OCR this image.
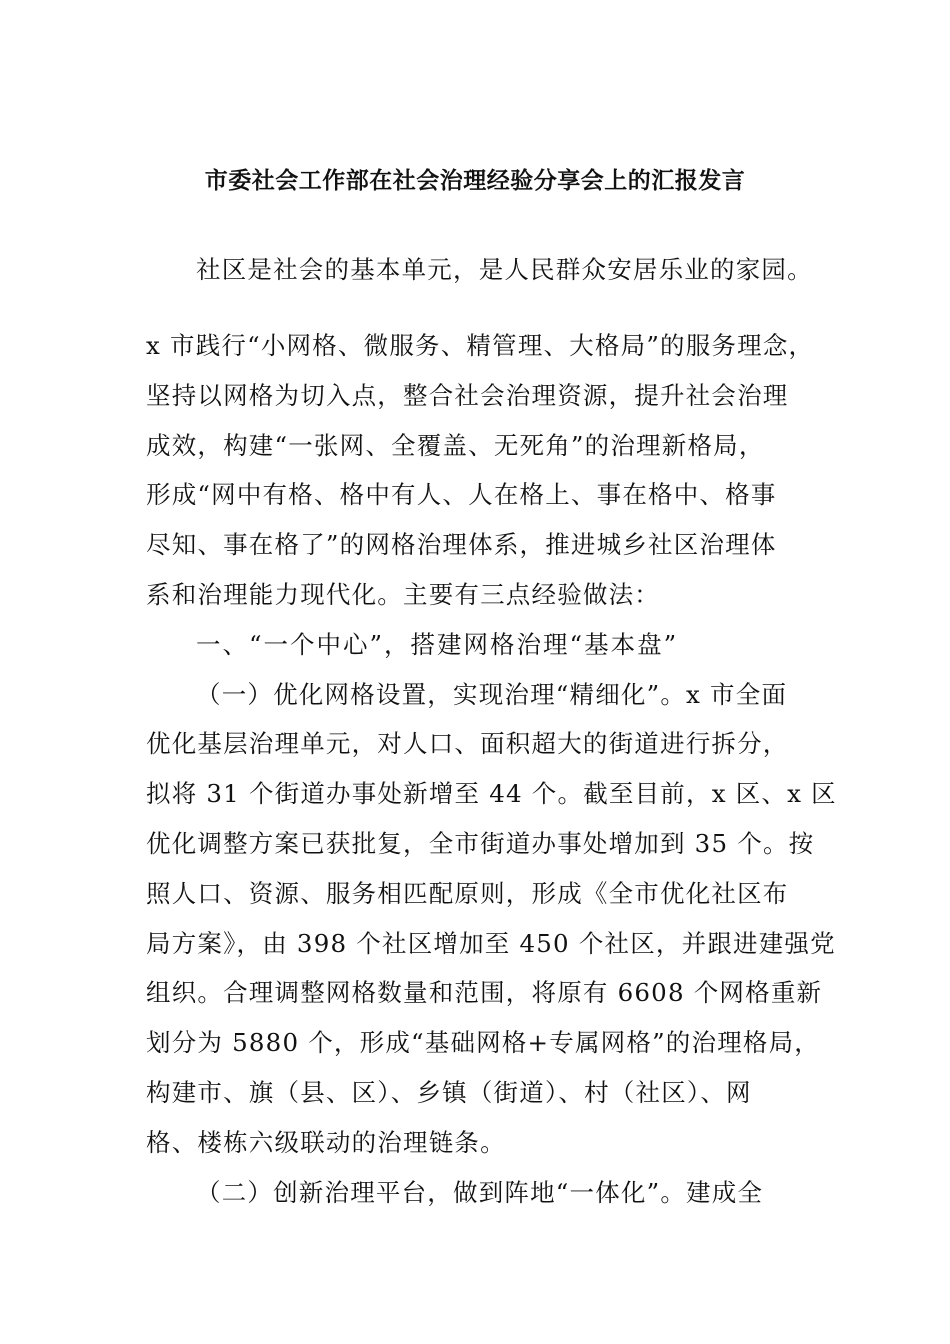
市委社会工作部在社会治理经验分享会上的汇报发言
社区是社会的基本单元，是人民群众安居乐业的家园。
x 市践行“小网格、微服务、精管理、大格局”的服务理念，
坚持以网格为切入点，整合社会治理资源，提升社会治理
成效，构建“一张网、全覆盖、无死角”的治理新格局，
形成“网中有格、格中有人、人在格上、事在格中、格事
尽知、事在格了”的网格治理体系，推进城乡社区治理体
系和治理能力现代化。主要有三点经验做法：
一、“一个中心”，搭建网格治理“基本盘”
（一）优化网格设置，实现治理“精细化”。x 市全面
优化基层治理单元，对人口、面积超大的街道进行拆分，
拟将 31 个街道办事处新增至 44 个。截至目前，x 区、x 区
优化调整方案已获批复，全市街道办事处增加到 35 个。按
照人口、资源、服务相匹配原则，形成《全市优化社区布
局方案》，由 398 个社区增加至 450 个社区，并跟进建强党
组织。合理调整网格数量和范围，将原有 6608 个网格重新
划分为 5880 个，形成“基础网格+专属网格”的治理格局，
构建市、旗（县、区）、乡镇（街道）、村（社区）、网
格、楼栋六级联动的治理链条。
（二）创新治理平台，做到阵地“一体化”。建成全
